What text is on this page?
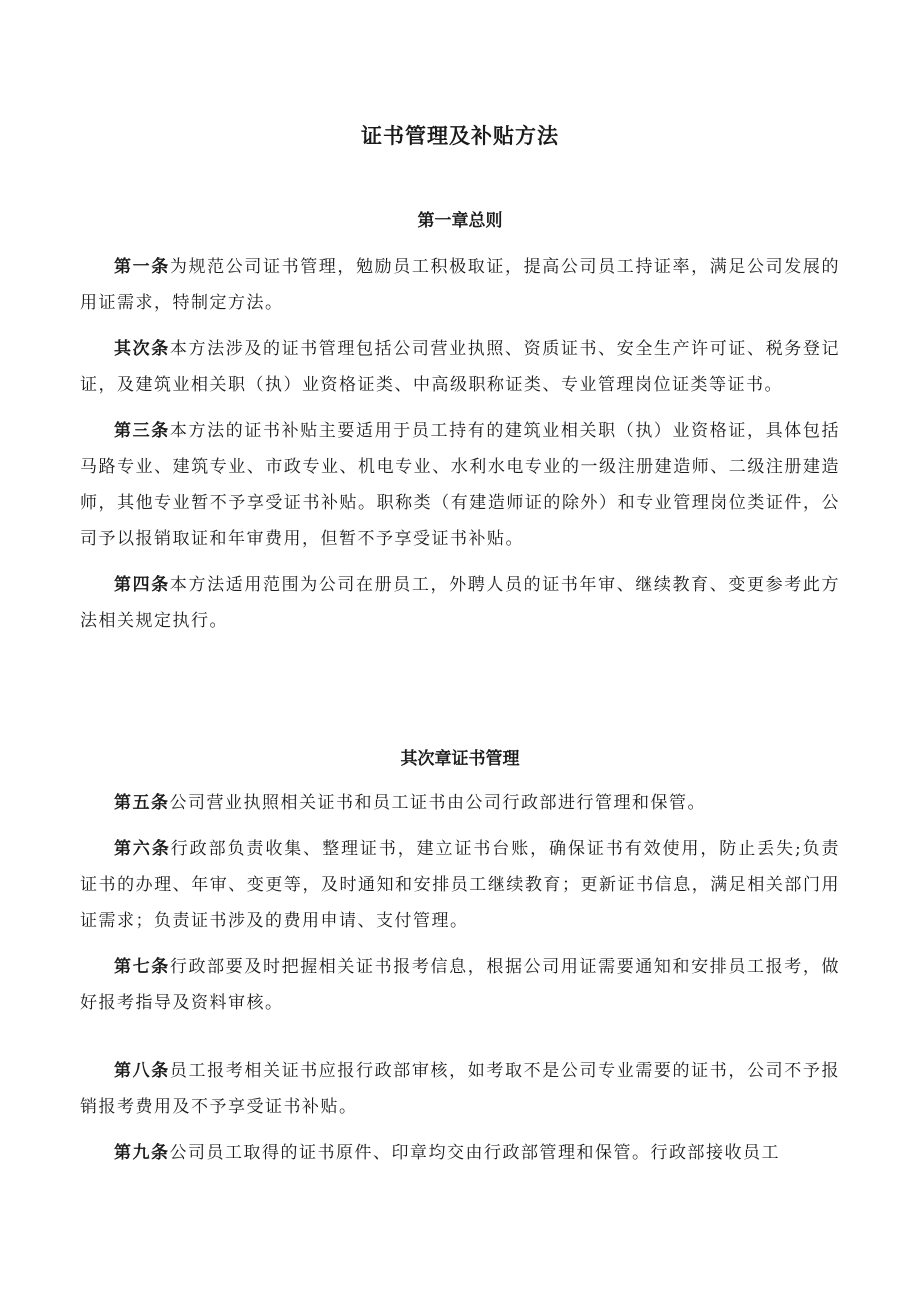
证书管理及补贴方法
第一章总则

第一条为规范公司证书管理，勉励员工积极取证，提高公司员工持证率，满足公司发展的用证需求，特制定方法。

其次条本方法涉及的证书管理包括公司营业执照、资质证书、安全生产许可证、税务登记证，及建筑业相关职（执）业资格证类、中高级职称证类、专业管理岗位证类等证书。

第三条本方法的证书补贴主要适用于员工持有的建筑业相关职（执）业资格证，具体包括马路专业、建筑专业、市政专业、机电专业、水利水电专业的一级注册建造师、二级注册建造师，其他专业暂不予享受证书补贴。职称类（有建造师证的除外）和专业管理岗位类证件，公司予以报销取证和年审费用，但暂不予享受证书补贴。

第四条本方法适用范围为公司在册员工，外聘人员的证书年审、继续教育、变更参考此方法相关规定执行。

其次章证书管理

第五条公司营业执照相关证书和员工证书由公司行政部进行管理和保管。

第六条行政部负责收集、整理证书，建立证书台账，确保证书有效使用，防止丢失;负责证书的办理、年审、变更等，及时通知和安排员工继续教育；更新证书信息，满足相关部门用证需求；负责证书涉及的费用申请、支付管理。

第七条行政部要及时把握相关证书报考信息，根据公司用证需要通知和安排员工报考，做好报考指导及资料审核。

第八条员工报考相关证书应报行政部审核，如考取不是公司专业需要的证书，公司不予报销报考费用及不予享受证书补贴。

第九条公司员工取得的证书原件、印章均交由行政部管理和保管。行政部接收员工
